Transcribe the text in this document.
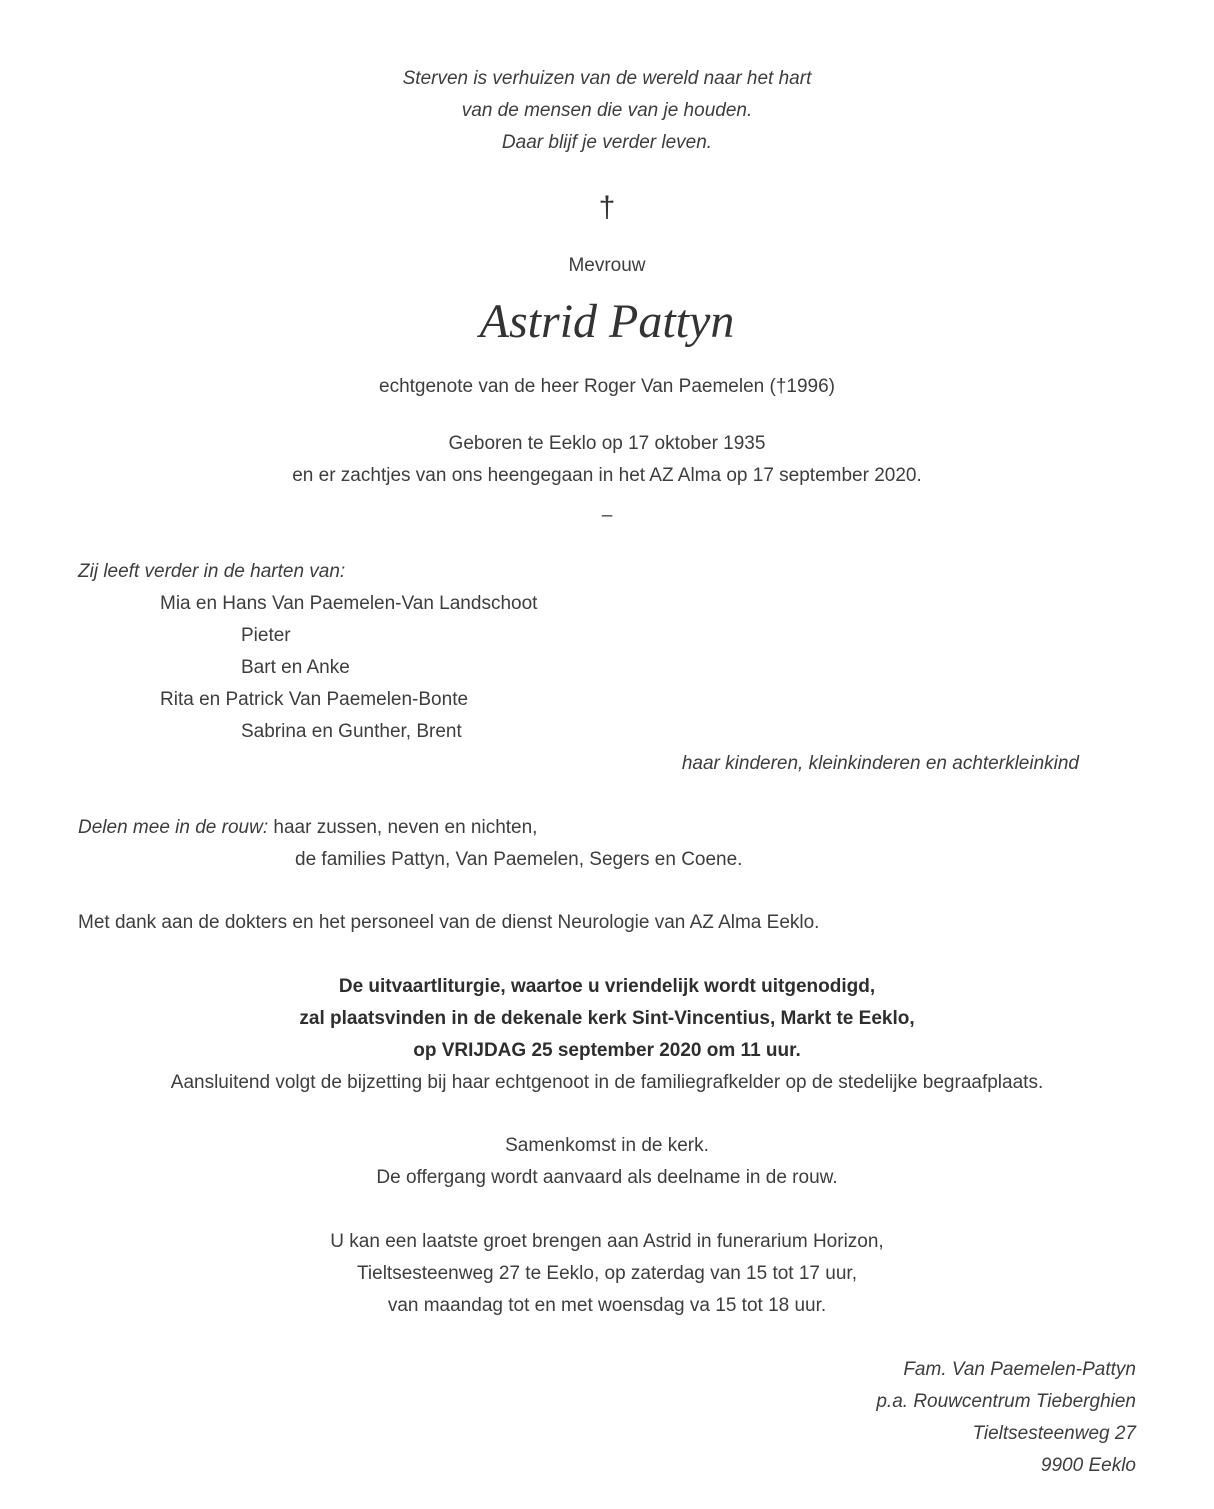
Sterven is verhuizen van de wereld naar het hart
van de mensen die van je houden.
Daar blijf je verder leven.
†
Mevrouw
Astrid Pattyn
echtgenote van de heer Roger Van Paemelen (†1996)
Geboren te Eeklo op 17 oktober 1935
en er zachtjes van ons heengegaan in het AZ Alma op 17 september 2020.
–
Zij leeft verder in de harten van:
Mia en Hans Van Paemelen-Van Landschoot
Pieter
Bart en Anke
Rita en Patrick Van Paemelen-Bonte
Sabrina en Gunther, Brent
haar kinderen, kleinkinderen en achterkleinkind
Delen mee in de rouw: haar zussen, neven en nichten,
de families Pattyn, Van Paemelen, Segers en Coene.
Met dank aan de dokters en het personeel van de dienst Neurologie van AZ Alma Eeklo.
De uitvaartliturgie, waartoe u vriendelijk wordt uitgenodigd,
zal plaatsvinden in de dekenale kerk Sint-Vincentius, Markt te Eeklo,
op VRIJDAG 25 september 2020 om 11 uur.
Aansluitend volgt de bijzetting bij haar echtgenoot in de familiegrafkelder op de stedelijke begraafplaats.
Samenkomst in de kerk.
De offergang wordt aanvaard als deelname in de rouw.
U kan een laatste groet brengen aan Astrid in funerarium Horizon,
Tieltsesteenweg 27 te Eeklo, op zaterdag van 15 tot 17 uur,
van maandag tot en met woensdag va 15 tot 18 uur.
Fam. Van Paemelen-Pattyn
p.a. Rouwcentrum Tieberghien
Tieltsesteenweg 27
9900 Eeklo
